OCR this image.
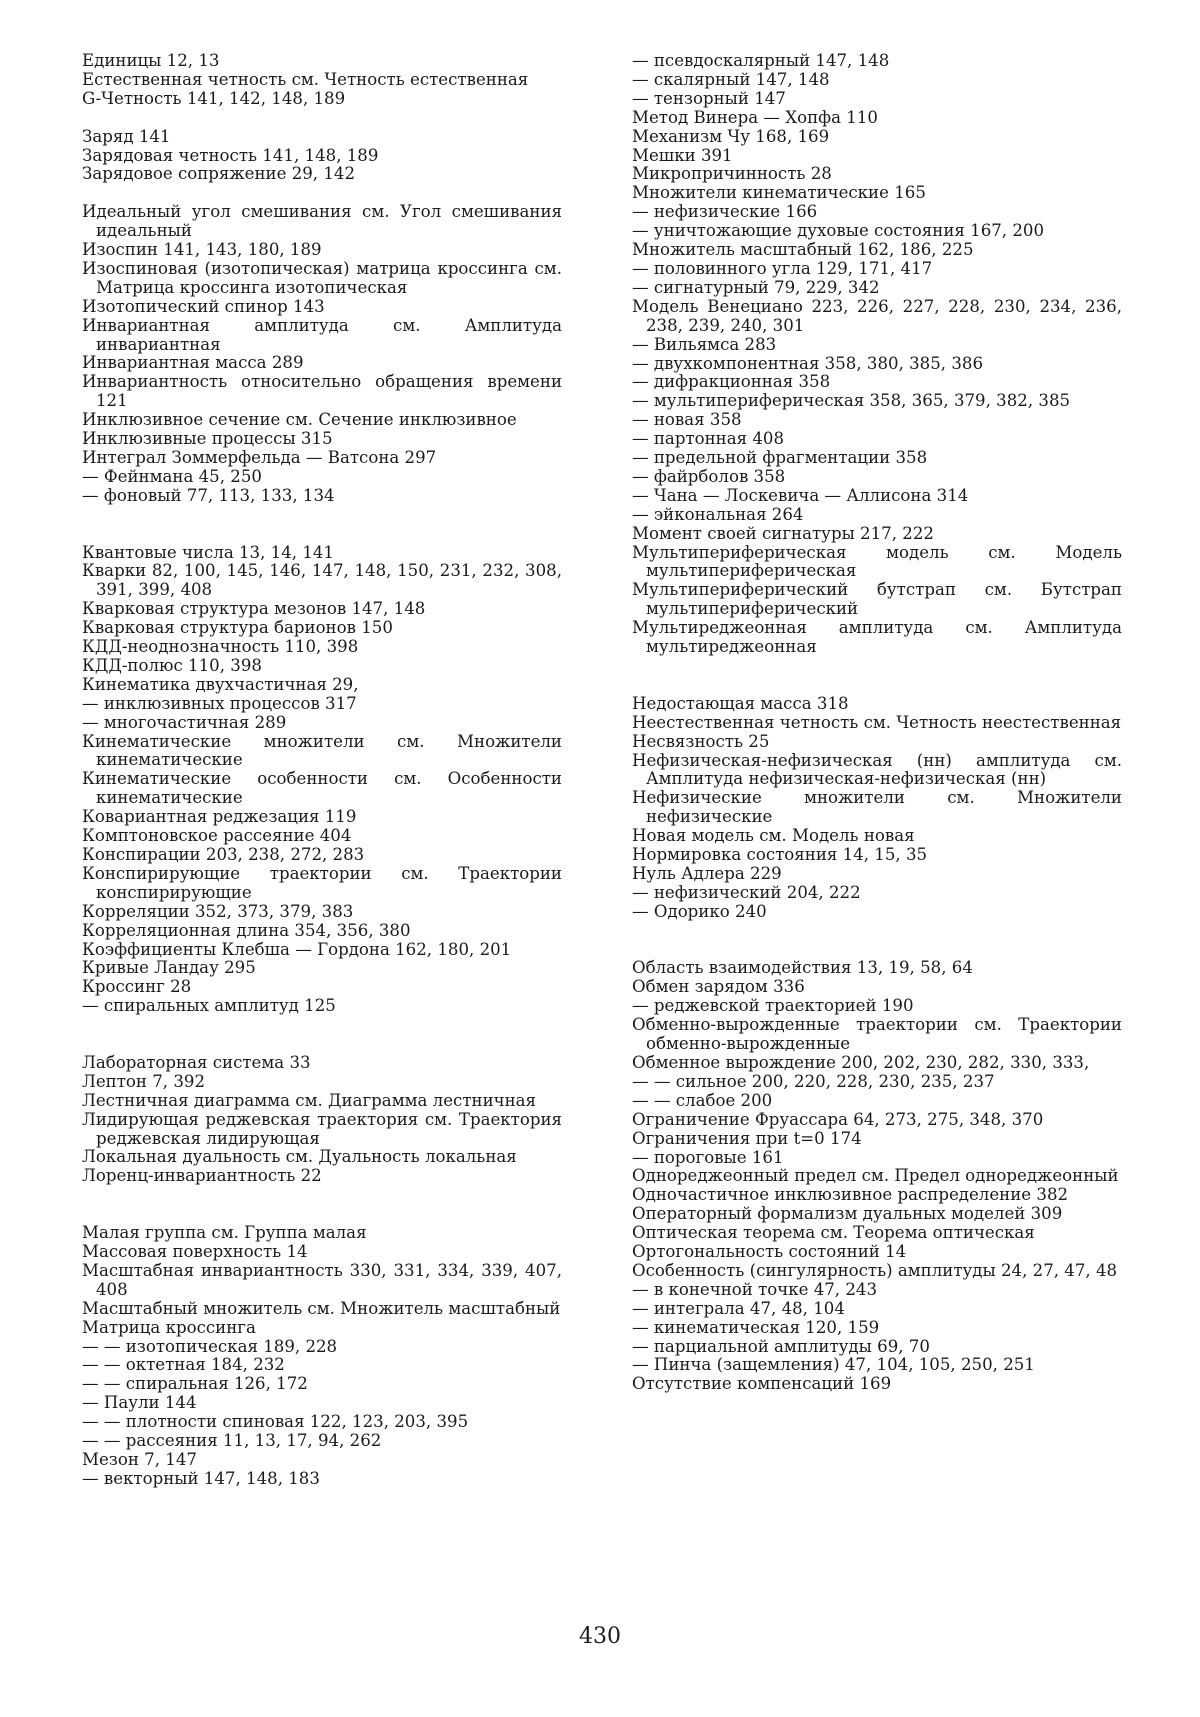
Единицы 12, 13
Естественная четность см. Четность естественная
G-Четность 141, 142, 148, 189
Заряд 141
Зарядовая четность 141, 148, 189
Зарядовое сопряжение 29, 142
Идеальный угол смешивания см. Угол смешивания идеальный
Изоспин 141, 143, 180, 189
Изоспиновая (изотопическая) матрица кроссинга см. Матрица кроссинга изотопическая
Изотопический спинор 143
Инвариантная амплитуда см. Амплитуда инвариантная
Инвариантная масса 289
Инвариантность относительно обращения времени 121
Инклюзивное сечение см. Сечение инклюзивное
Инклюзивные процессы 315
Интеграл Зоммерфельда — Ватсона 297
— Фейнмана 45, 250
— фоновый 77, 113, 133, 134
Квантовые числа 13, 14, 141
Кварки 82, 100, 145, 146, 147, 148, 150, 231, 232, 308, 391, 399, 408
Кварковая структура мезонов 147, 148
Кварковая структура барионов 150
КДД-неоднозначность 110, 398
КДД-полюс 110, 398
Кинематика двухчастичная 29,
— инклюзивных процессов 317
— многочастичная 289
Кинематические множители см. Множители кинематические
Кинематические особенности см. Особенности кинематические
Ковариантная реджезация 119
Комптоновское рассеяние 404
Конспирации 203, 238, 272, 283
Конспирирующие траектории см. Траектории конспирирующие
Корреляции 352, 373, 379, 383
Корреляционная длина 354, 356, 380
Коэффициенты Клебша — Гордона 162, 180, 201
Кривые Ландау 295
Кроссинг 28
— спиральных амплитуд 125
Лабораторная система 33
Лептон 7, 392
Лестничная диаграмма см. Диаграмма лестничная
Лидирующая реджевская траектория см. Траектория реджевская лидирующая
Локальная дуальность см. Дуальность локальная
Лоренц-инвариантность 22
Малая группа см. Группа малая
Массовая поверхность 14
Масштабная инвариантность 330, 331, 334, 339, 407, 408
Масштабный множитель см. Множитель масштабный
Матрица кроссинга
— — изотопическая 189, 228
— — октетная 184, 232
— — спиральная 126, 172
— Паули 144
— — плотности спиновая 122, 123, 203, 395
— — рассеяния 11, 13, 17, 94, 262
Мезон 7, 147
— векторный 147, 148, 183
— псевдоскалярный 147, 148
— скалярный 147, 148
— тензорный 147
Метод Винера — Хопфа 110
Механизм Чу 168, 169
Мешки 391
Микропричинность 28
Множители кинематические 165
— нефизические 166
— уничтожающие духовые состояния 167, 200
Множитель масштабный 162, 186, 225
— половинного угла 129, 171, 417
— сигнатурный 79, 229, 342
Модель Венециано 223, 226, 227, 228, 230, 234, 236, 238, 239, 240, 301
— Вильямса 283
— двухкомпонентная 358, 380, 385, 386
— дифракционная 358
— мультипериферическая 358, 365, 379, 382, 385
— новая 358
— партонная 408
— предельной фрагментации 358
— файрболов 358
— Чана — Лоскевича — Аллисона 314
— эйкональная 264
Момент своей сигнатуры 217, 222
Мультипериферическая модель см. Модель мультипериферическая
Мультипериферический бутстрап см. Бутстрап мультипериферический
Мультиреджеонная амплитуда см. Амплитуда мультиреджеонная
Недостающая масса 318
Неестественная четность см. Четность неестественная
Несвязность 25
Нефизическая-нефизическая (нн) амплитуда см. Амплитуда нефизическая-нефизическая (нн)
Нефизические множители см. Множители нефизические
Новая модель см. Модель новая
Нормировка состояния 14, 15, 35
Нуль Адлера 229
— нефизический 204, 222
— Одорико 240
Область взаимодействия 13, 19, 58, 64
Обмен зарядом 336
— реджевской траекторией 190
Обменно-вырожденные траектории см. Траектории обменно-вырожденные
Обменное вырождение 200, 202, 230, 282, 330, 333,
— — сильное 200, 220, 228, 230, 235, 237
— — слабое 200
Ограничение Фруассара 64, 273, 275, 348, 370
Ограничения при t=0 174
— пороговые 161
Однореджеонный предел см. Предел однореджеонный
Одночастичное инклюзивное распределение 382
Операторный формализм дуальных моделей 309
Оптическая теорема см. Теорема оптическая
Ортогональность состояний 14
Особенность (сингулярность) амплитуды 24, 27, 47, 48
— в конечной точке 47, 243
— интеграла 47, 48, 104
— кинематическая 120, 159
— парциальной амплитуды 69, 70
— Пинча (защемления) 47, 104, 105, 250, 251
Отсутствие компенсаций 169
430
